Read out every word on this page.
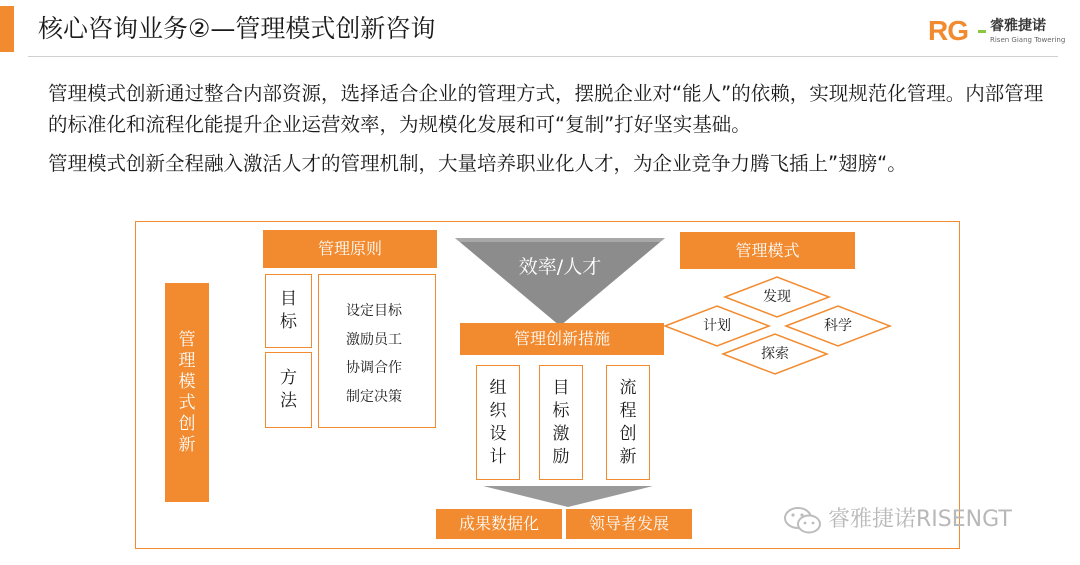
核心咨询业务②—管理模式创新咨询	RG 睿雅捷诺
Risen Giang Towering
管理模式创新通过整合内部资源，选择适合企业的管理方式，摆脱企业对“能人”的依赖，实现规范化管理。内部管理的标准化和流程化能提升企业运营效率，为规模化发展和可“复制”打好坚实基础。
管理模式创新全程融入激活人才的管理机制，大量培养职业化人才，为企业竞争力腾飞插上”翅膀“。
管理模式创新
管理原则
目标
方法
设定目标
激励员工
协调合作
制定决策
效率/人才
管理创新措施
组织设计
目标激励
流程创新
成果数据化	领导者发展
管理模式
发现
计划	科学
探索
睿雅捷诺RISENGT
